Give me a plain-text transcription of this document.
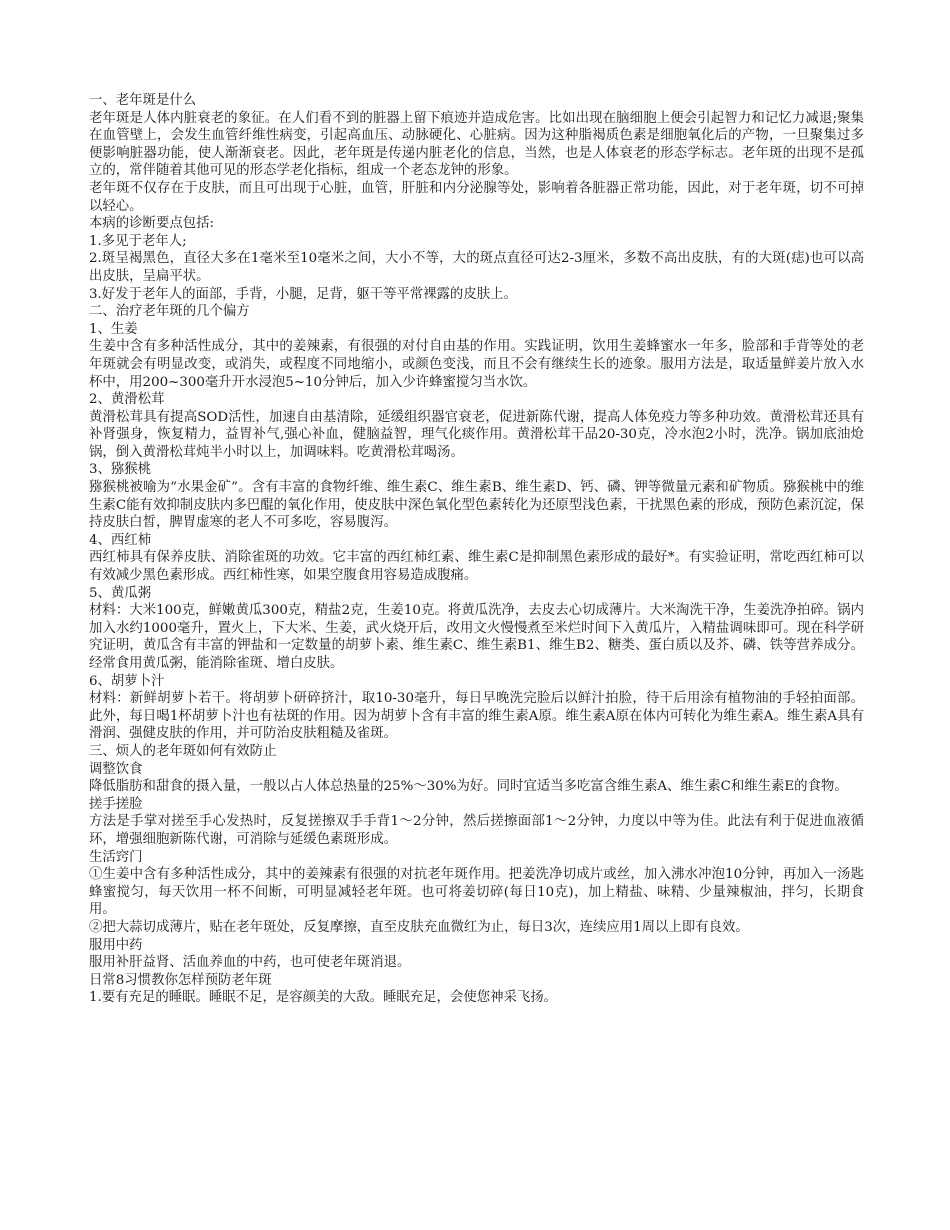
一、老年斑是什么

老年斑是人体内脏衰老的象征。在人们看不到的脏器上留下痕迹并造成危害。比如出现在脑细胞上便会引起智力和记忆力减退;聚集在血管壁上，会发生血管纤维性病变，引起高血压、动脉硬化、心脏病。因为这种脂褐质色素是细胞氧化后的产物，一旦聚集过多便影响脏器功能，使人渐渐衰老。因此，老年斑是传递内脏老化的信息，当然，也是人体衰老的形态学标志。老年斑的出现不是孤立的，常伴随着其他可见的形态学老化指标，组成一个老态龙钟的形象。

老年斑不仅存在于皮肤，而且可出现于心脏，血管，肝脏和内分泌腺等处，影响着各脏器正常功能，因此，对于老年斑，切不可掉以轻心。

本病的诊断要点包括:

1.多见于老年人;

2.斑呈褐黑色，直径大多在1毫米至10毫米之间，大小不等，大的斑点直径可达2-3厘米，多数不高出皮肤，有的大斑(痣)也可以高出皮肤，呈扁平状。

3.好发于老年人的面部，手背，小腿，足背，躯干等平常裸露的皮肤上。

二、治疗老年斑的几个偏方

1、生姜

生姜中含有多种活性成分，其中的姜辣素，有很强的对付自由基的作用。实践证明，饮用生姜蜂蜜水一年多，脸部和手背等处的老年斑就会有明显改变，或消失，或程度不同地缩小，或颜色变浅，而且不会有继续生长的迹象。服用方法是，取适量鲜姜片放入水杯中，用200~300毫升开水浸泡5~10分钟后，加入少许蜂蜜搅匀当水饮。

2、黄滑松茸

黄滑松茸具有提高SOD活性，加速自由基清除，延缓组织器官衰老，促进新陈代谢，提高人体免疫力等多种功效。黄滑松茸还具有补肾强身，恢复精力，益胃补气,强心补血，健脑益智，理气化痰作用。黄滑松茸干品20-30克，冷水泡2小时，洗净。锅加底油炝锅，倒入黄滑松茸炖半小时以上，加调味料。吃黄滑松茸喝汤。

3、猕猴桃

猕猴桃被喻为“水果金矿”。含有丰富的食物纤维、维生素C、维生素B、维生素D、钙、磷、钾等微量元素和矿物质。猕猴桃中的维生素C能有效抑制皮肤内多巴醌的氧化作用，使皮肤中深色氧化型色素转化为还原型浅色素，干扰黑色素的形成，预防色素沉淀，保持皮肤白皙，脾胃虚寒的老人不可多吃，容易腹泻。

4、西红柿

西红柿具有保养皮肤、消除雀斑的功效。它丰富的西红柿红素、维生素C是抑制黑色素形成的最好*。有实验证明，常吃西红柿可以有效减少黑色素形成。西红柿性寒，如果空腹食用容易造成腹痛。

5、黄瓜粥

材料：大米100克，鲜嫩黄瓜300克，精盐2克，生姜10克。将黄瓜洗净，去皮去心切成薄片。大米淘洗干净，生姜洗净拍碎。锅内加入水约1000毫升，置火上，下大米、生姜，武火烧开后，改用文火慢慢煮至米烂时间下入黄瓜片，入精盐调味即可。现在科学研究证明，黄瓜含有丰富的钾盐和一定数量的胡萝卜素、维生素C、维生素B1、维生B2、糖类、蛋白质以及芥、磷、铁等营养成分。经常食用黄瓜粥，能消除雀斑、增白皮肤。

6、胡萝卜汁

材料：新鲜胡萝卜若干。将胡萝卜研碎挤汁，取10-30毫升，每日早晚洗完脸后以鲜汁拍脸，待干后用涂有植物油的手轻拍面部。此外，每日喝1杯胡萝卜汁也有祛斑的作用。因为胡萝卜含有丰富的维生素A原。维生素A原在体内可转化为维生素A。维生素A具有滑润、强健皮肤的作用，并可防治皮肤粗糙及雀斑。

三、烦人的老年斑如何有效防止

调整饮食

降低脂肪和甜食的摄入量，一般以占人体总热量的25%～30%为好。同时宜适当多吃富含维生素A、维生素C和维生素E的食物。

搓手搓脸

方法是手掌对搓至手心发热时，反复搓擦双手手背1～2分钟，然后搓擦面部1～2分钟，力度以中等为佳。此法有利于促进血液循环，增强细胞新陈代谢，可消除与延缓色素斑形成。

生活窍门

①生姜中含有多种活性成分，其中的姜辣素有很强的对抗老年斑作用。把姜洗净切成片或丝，加入沸水冲泡10分钟，再加入一汤匙蜂蜜搅匀，每天饮用一杯不间断，可明显减轻老年斑。也可将姜切碎(每日10克)，加上精盐、味精、少量辣椒油，拌匀，长期食用。

②把大蒜切成薄片，贴在老年斑处，反复摩擦，直至皮肤充血微红为止，每日3次，连续应用1周以上即有良效。

服用中药

服用补肝益肾、活血养血的中药，也可使老年斑消退。

日常8习惯教你怎样预防老年斑

1.要有充足的睡眠。睡眠不足，是容颜美的大敌。睡眠充足，会使您神采飞扬。
